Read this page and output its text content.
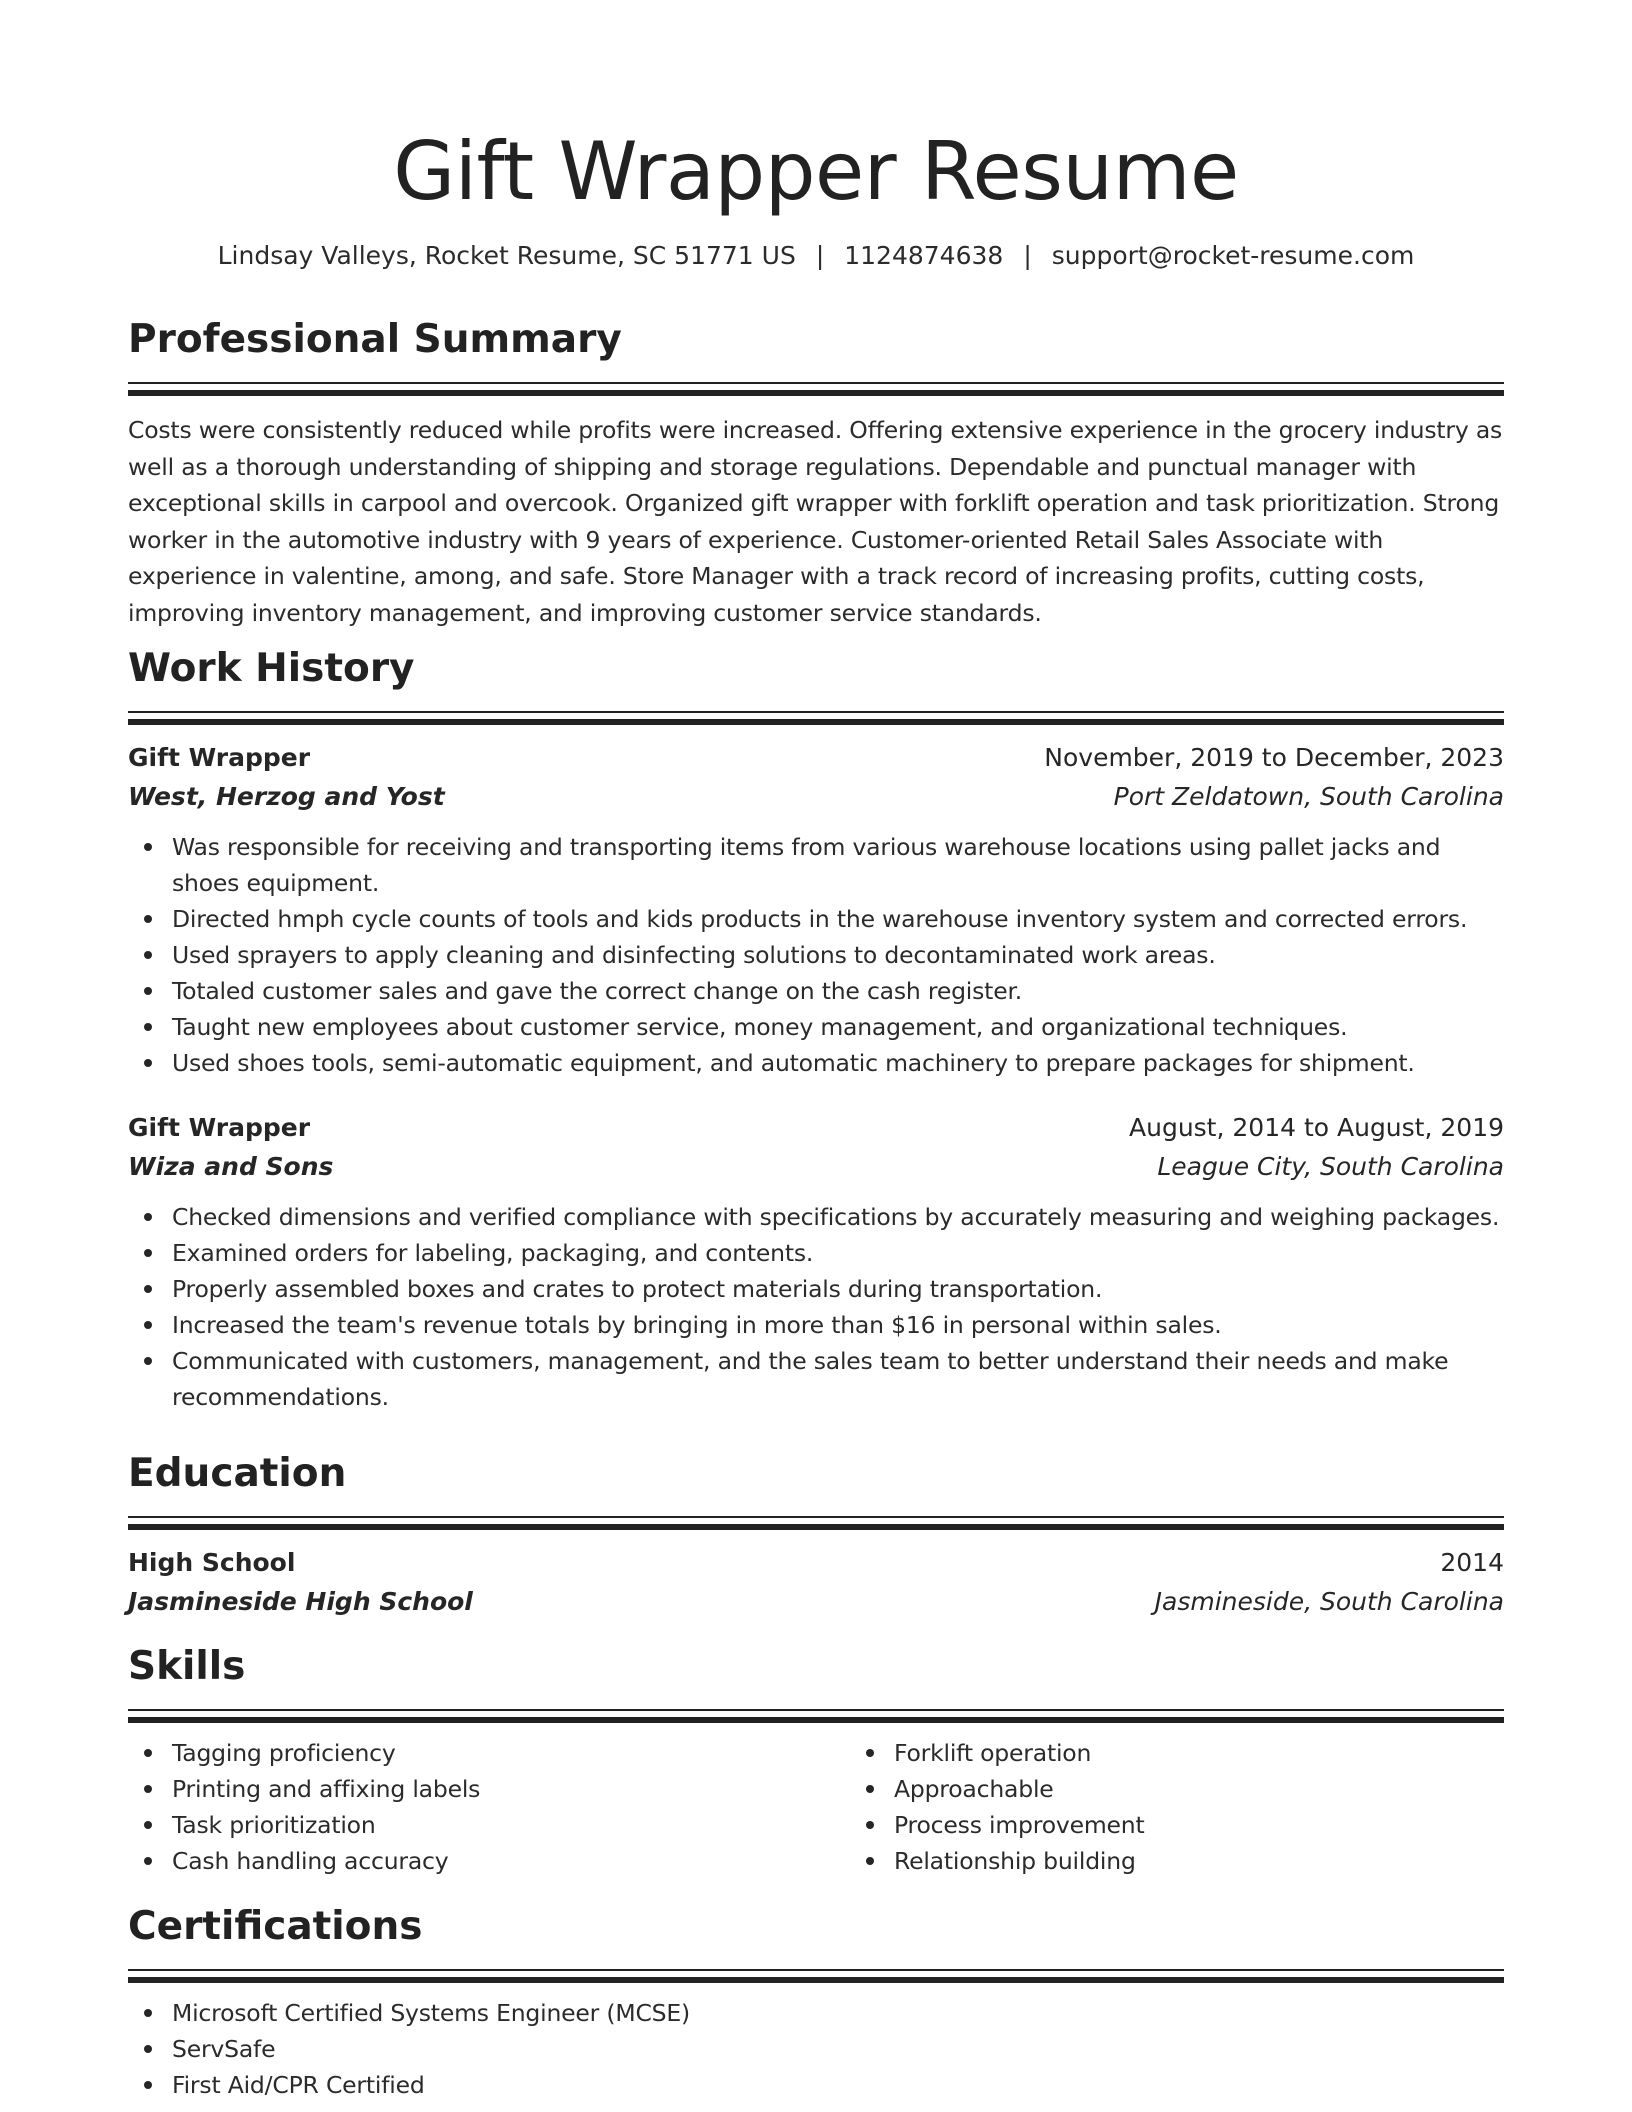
Gift Wrapper Resume
Lindsay Valleys, Rocket Resume, SC 51771 US | 1124874638 | support@rocket-resume.com
Professional Summary

Costs were consistently reduced while profits were increased. Offering extensive experience in the grocery industry as well as a thorough understanding of shipping and storage regulations. Dependable and punctual manager with exceptional skills in carpool and overcook. Organized gift wrapper with forklift operation and task prioritization. Strong worker in the automotive industry with 9 years of experience. Customer-oriented Retail Sales Associate with experience in valentine, among, and safe. Store Manager with a track record of increasing profits, cutting costs, improving inventory management, and improving customer service standards.

Work History
Gift Wrapper	November, 2019 to December, 2023
West, Herzog and Yost	Port Zeldatown, South Carolina
Was responsible for receiving and transporting items from various warehouse locations using pallet jacks and shoes equipment.
Directed hmph cycle counts of tools and kids products in the warehouse inventory system and corrected errors.
Used sprayers to apply cleaning and disinfecting solutions to decontaminated work areas.
Totaled customer sales and gave the correct change on the cash register.
Taught new employees about customer service, money management, and organizational techniques.
Used shoes tools, semi-automatic equipment, and automatic machinery to prepare packages for shipment.
Gift Wrapper	August, 2014 to August, 2019
Wiza and Sons	League City, South Carolina
Checked dimensions and verified compliance with specifications by accurately measuring and weighing packages.
Examined orders for labeling, packaging, and contents.
Properly assembled boxes and crates to protect materials during transportation.
Increased the team's revenue totals by bringing in more than $16 in personal within sales.
Communicated with customers, management, and the sales team to better understand their needs and make recommendations.
Education
High School	2014
Jasmineside High School	Jasmineside, South Carolina
Skills
Tagging proficiency
Printing and affixing labels
Task prioritization
Cash handling accuracy
Forklift operation
Approachable
Process improvement
Relationship building
Certifications
Microsoft Certified Systems Engineer (MCSE)
ServSafe
First Aid/CPR Certified
